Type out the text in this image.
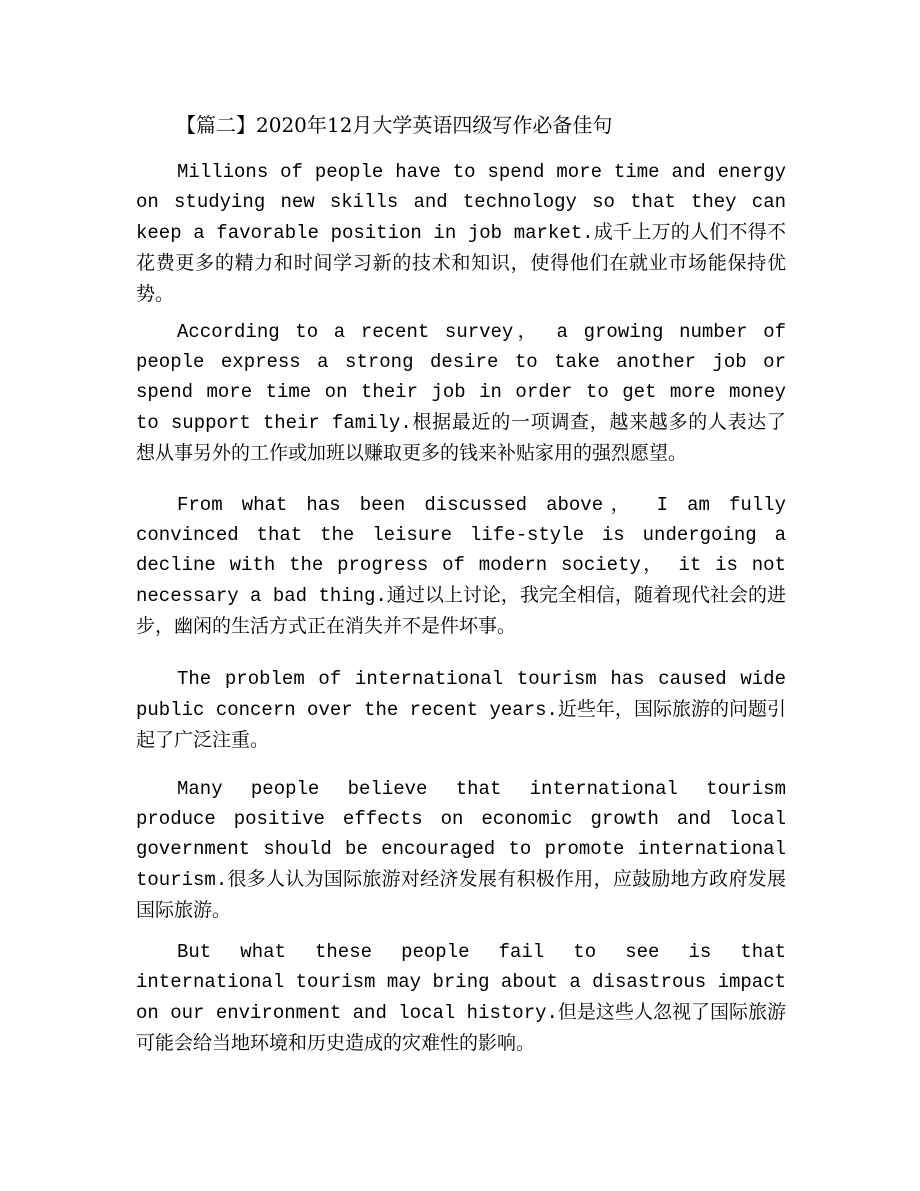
【篇二】2020年12月大学英语四级写作必备佳句

Millions of people have to spend more time and energy on studying new skills and technology so that they can keep a favorable position in job market.成千上万的人们不得不花费更多的精力和时间学习新的技术和知识，使得他们在就业市场能保持优势。

According to a recent survey， a growing number of people express a strong desire to take another job or spend more time on their job in order to get more money to support their family.根据最近的一项调查，越来越多的人表达了想从事另外的工作或加班以赚取更多的钱来补贴家用的强烈愿望。

From what has been discussed above， I am fully convinced that the leisure life-style is undergoing a decline with the progress of modern society， it is not necessary a bad thing.通过以上讨论，我完全相信，随着现代社会的进步，幽闲的生活方式正在消失并不是件坏事。

The problem of international tourism has caused wide public concern over the recent years.近些年，国际旅游的问题引起了广泛注重。

Many people believe that international tourism produce positive effects on economic growth and local government should be encouraged to promote international tourism.很多人认为国际旅游对经济发展有积极作用，应鼓励地方政府发展国际旅游。

But what these people fail to see is that international tourism may bring about a disastrous impact on our environment and local history.但是这些人忽视了国际旅游可能会给当地环境和历史造成的灾难性的影响。
